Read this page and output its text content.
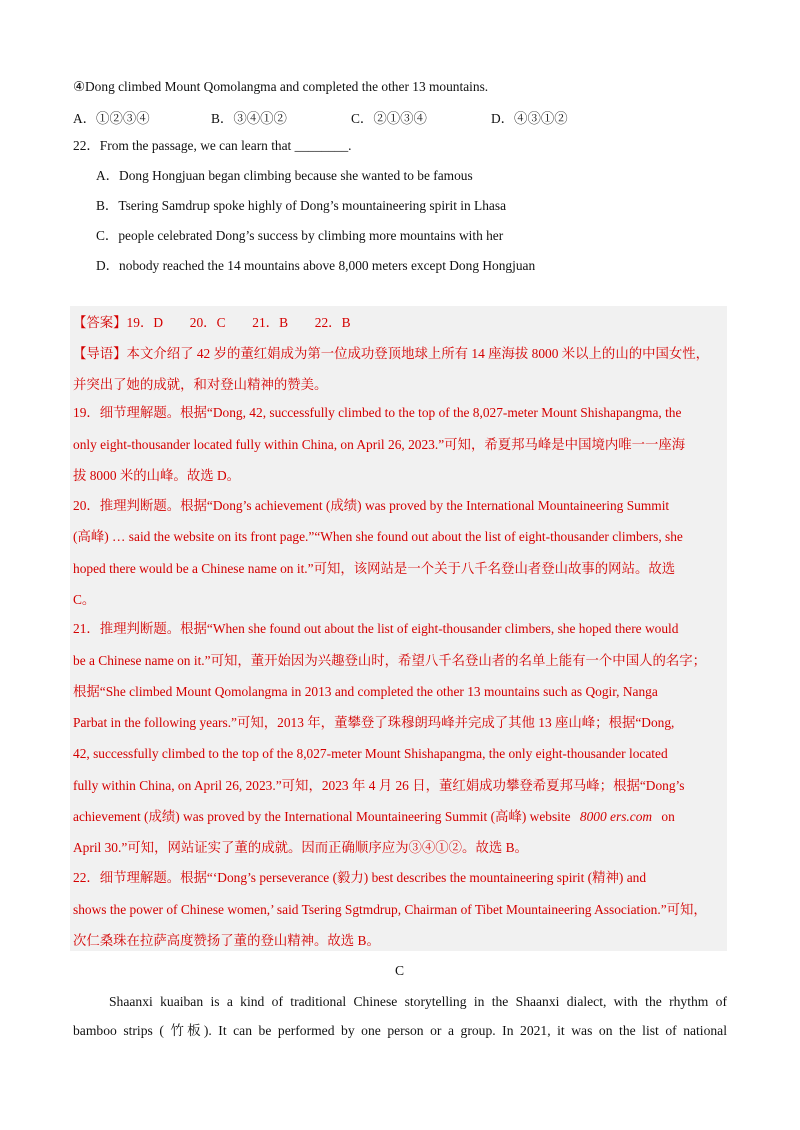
④Dong climbed Mount Qomolangma and completed the other 13 mountains.
A．①②③④	B．③④①②	C．②①③④	D．④③①②
22．From the passage, we can learn that ________.
A．Dong Hongjuan began climbing because she wanted to be famous
B．Tsering Samdrup spoke highly of Dong’s mountaineering spirit in Lhasa
C．people celebrated Dong’s success by climbing more mountains with her
D．nobody reached the 14 mountains above 8,000 meters except Dong Hongjuan
【答案】19．D　　20．C　　21．B　　22．B
【导语】本文介绍了 42 岁的董红娟成为第一位成功登顶地球上所有 14 座海拔 8000 米以上的山的中国女性，
并突出了她的成就，和对登山精神的赞美。
19．细节理解题。根据“Dong, 42, successfully climbed to the top of the 8,027-meter Mount Shishapangma, the
only eight-thousander located fully within China, on April 26, 2023.”可知，希夏邦马峰是中国境内唯一一座海
拔 8000 米的山峰。故选 D。
20．推理判断题。根据“Dong’s achievement (成绩) was proved by the International Mountaineering Summit
(高峰) … said the website on its front page.”“When she found out about the list of eight-thousander climbers, she
hoped there would be a Chinese name on it.”可知，该网站是一个关于八千名登山者登山故事的网站。故选
C。
21．推理判断题。根据“When she found out about the list of eight-thousander climbers, she hoped there would
be a Chinese name on it.”可知，董开始因为兴趣登山时，希望八千名登山者的名单上能有一个中国人的名字；
根据“She climbed Mount Qomolangma in 2013 and completed the other 13 mountains such as Qogir, Nanga
Parbat in the following years.”可知，2013 年，董攀登了珠穆朗玛峰并完成了其他 13 座山峰；根据“Dong,
42, successfully climbed to the top of the 8,027-meter Mount Shishapangma, the only eight-thousander located
fully within China, on April 26, 2023.”可知，2023 年 4 月 26 日，董红娟成功攀登希夏邦马峰；根据“Dong’s
achievement (成绩) was proved by the International Mountaineering Summit (高峰) website 8000 ers.com on
April 30.”可知，网站证实了董的成就。因而正确顺序应为③④①②。故选 B。
22．细节理解题。根据“‘Dong’s perseverance (毅力) best describes the mountaineering spirit (精神) and
shows the power of Chinese women,’ said Tsering Sgtmdrup, Chairman of Tibet Mountaineering Association.”可知，
次仁桑珠在拉萨高度赞扬了董的登山精神。故选 B。
C
Shaanxi kuaiban is a kind of traditional Chinese storytelling in the Shaanxi dialect, with the rhythm of
bamboo strips ( 竹板). It can be performed by one person or a group. In 2021, it was on the list of national
